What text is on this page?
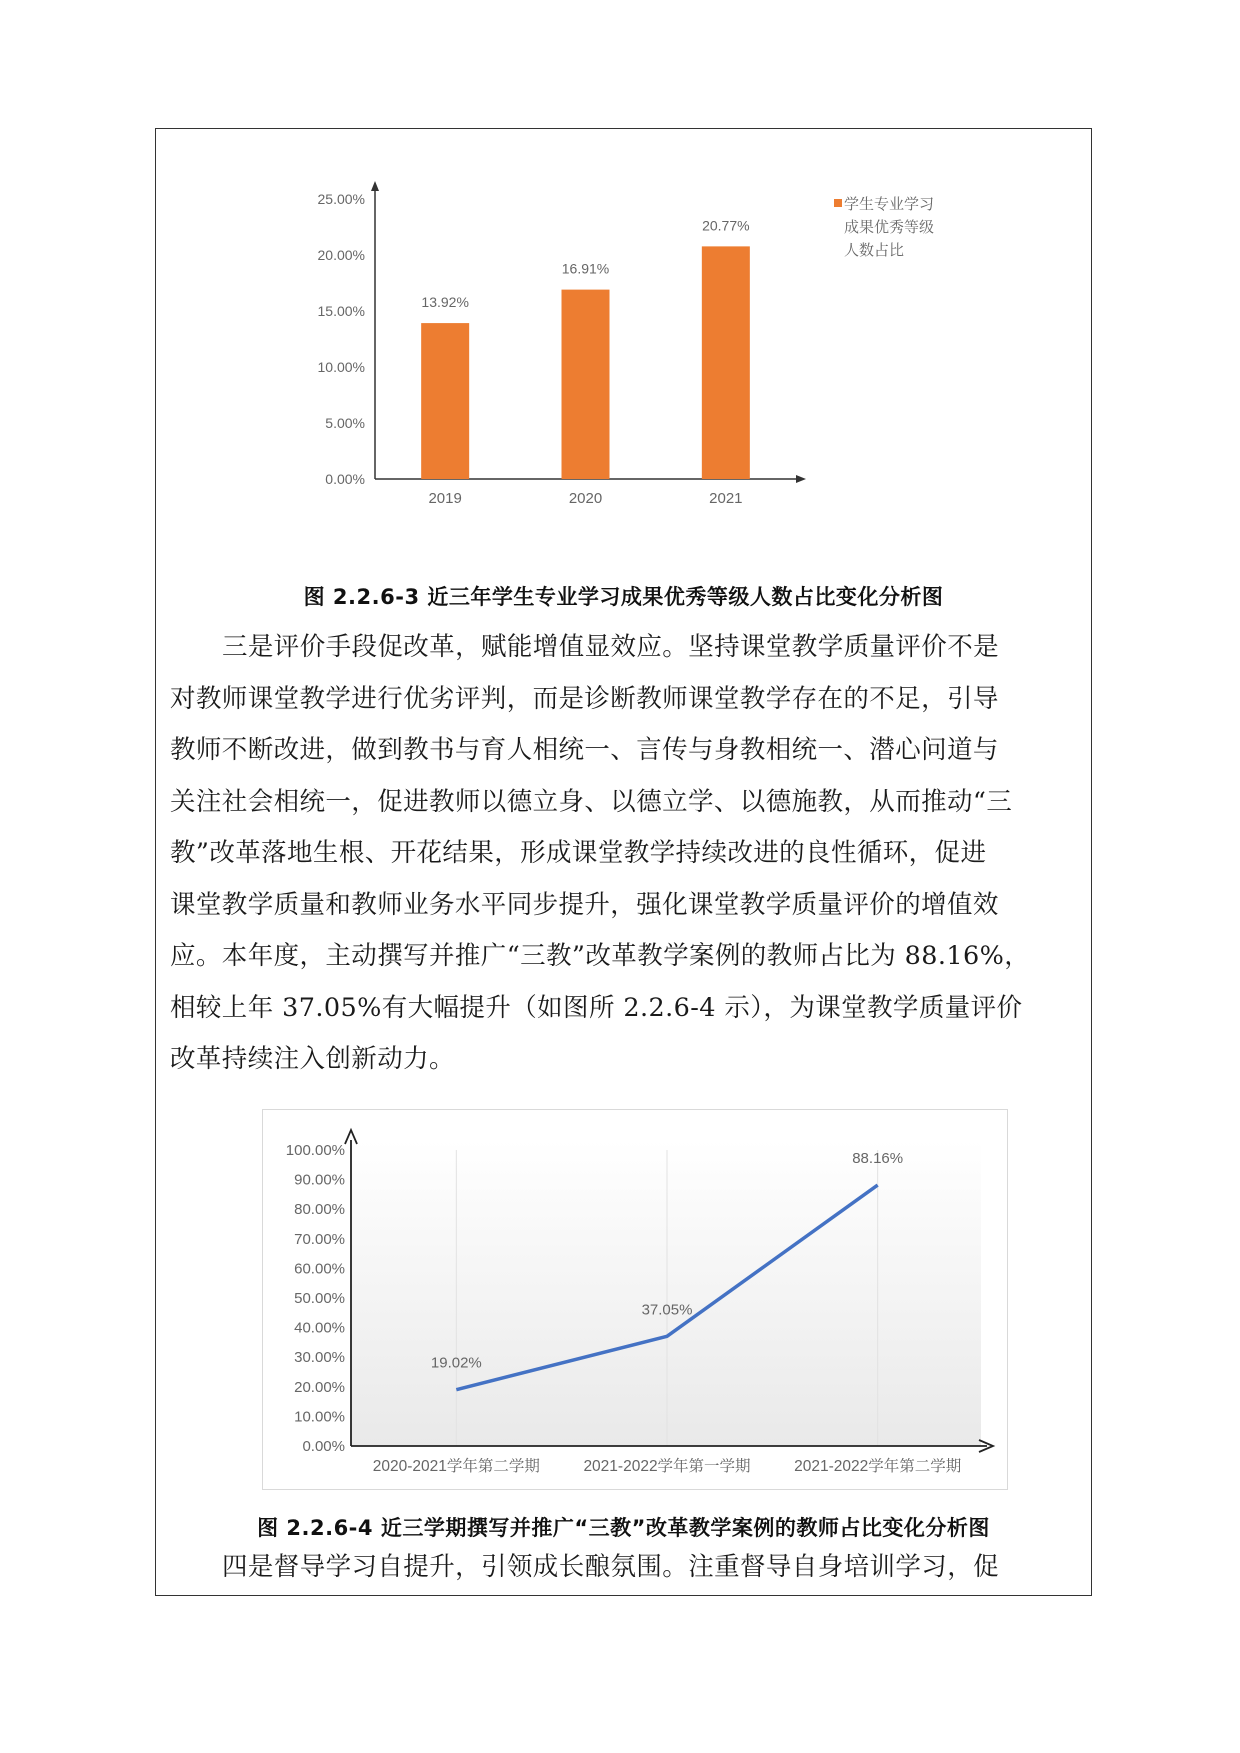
0.00%
5.00%
10.00%
15.00%
20.00%
25.00%
13.92%
16.91%
20.77%
2019	2020	2021
学生专业学习
成果优秀等级
人数占比
图 2.2.6-3 近三年学生专业学习成果优秀等级人数占比变化分析图
三是评价手段促改革，赋能增值显效应。坚持课堂教学质量评价不是
对教师课堂教学进行优劣评判，而是诊断教师课堂教学存在的不足，引导
教师不断改进，做到教书与育人相统一、言传与身教相统一、潜心问道与
关注社会相统一，促进教师以德立身、以德立学、以德施教，从而推动“三
教”改革落地生根、开花结果，形成课堂教学持续改进的良性循环，促进
课堂教学质量和教师业务水平同步提升，强化课堂教学质量评价的增值效
应。本年度，主动撰写并推广“三教”改革教学案例的教师占比为 88.16%，
相较上年 37.05%有大幅提升（如图所 2.2.6-4 示），为课堂教学质量评价
改革持续注入创新动力。
0.00%
10.00%
20.00%
30.00%
40.00%
50.00%
60.00%
70.00%
80.00%
90.00%
100.00%
19.02%
37.05%
88.16%
2020-2021学年第二学期	2021-2022学年第一学期	2021-2022学年第二学期
图 2.2.6-4 近三学期撰写并推广“三教”改革教学案例的教师占比变化分析图
四是督导学习自提升，引领成长酿氛围。注重督导自身培训学习，促
